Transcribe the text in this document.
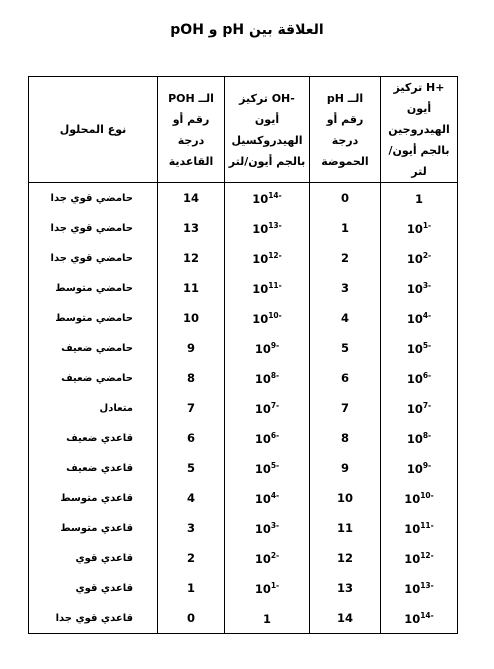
العلاقة بين pH و pOH
+H تركيز
أيون
الهيدروجين
بالجم أيون/لتر	الــ pH
رقم أو
درجة
الحموضة	-OH تركيز
أيون
الهيدروكسيل
بالجم أيون/لتر	الــ POH
رقم أو
درجة
القاعدية	نوع المحلول

1	0	$10^{14-}$	14	حامضي قوي جدا
$10^{1-}$	1	$10^{13-}$	13	حامضي قوي جدا
$10^{2-}$	2	$10^{12-}$	12	حامضي قوي جدا
$10^{3-}$	3	$10^{11-}$	11	حامضي متوسط
$10^{4-}$	4	$10^{10-}$	10	حامضي متوسط
$10^{5-}$	5	$10^{9-}$	9	حامضي ضعيف
$10^{6-}$	6	$10^{8-}$	8	حامضي ضعيف
$10^{7-}$	7	$10^{7-}$	7	متعادل
$10^{8-}$	8	$10^{6-}$	6	قاعدي ضعيف
$10^{9-}$	9	$10^{5-}$	5	قاعدي ضعيف
$10^{10-}$	10	$10^{4-}$	4	قاعدي متوسط
$10^{11-}$	11	$10^{3-}$	3	قاعدي متوسط
$10^{12-}$	12	$10^{2-}$	2	قاعدي قوي
$10^{13-}$	13	$10^{1-}$	1	قاعدي قوي
$10^{14-}$	14	1	0	قاعدي قوي جدا
